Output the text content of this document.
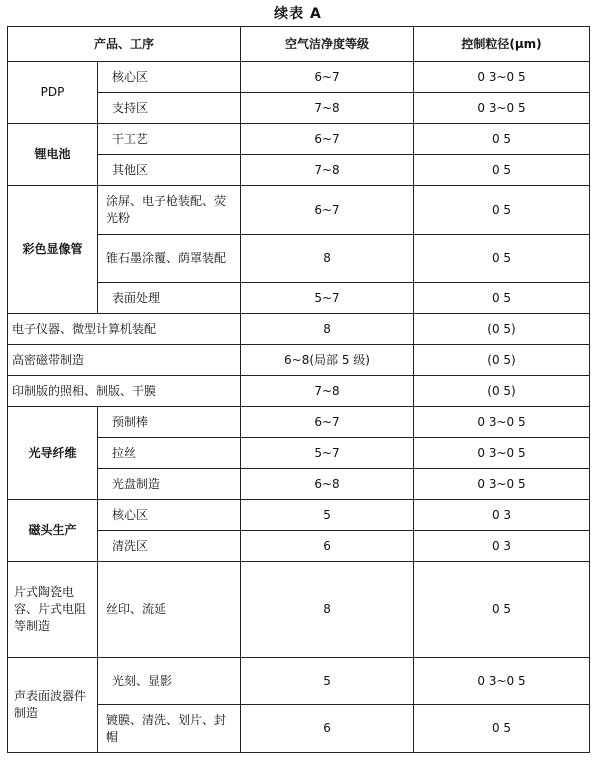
续表 A
产品、工序		空气洁净度等级	控制粒径(μm)
PDP	核心区	6~7	0 3~0 5
	支持区	7~8	0 3~0 5
锂电池	干工艺	6~7	0 5
	其他区	7~8	0 5
彩色显像管	涂屏、电子枪装配、荧光粉	6~7	0 5
	锥石墨涂覆、荫罩装配	8	0 5
	表面处理	5~7	0 5
电子仪器、微型计算机装配		8	(0 5)
高密磁带制造		6~8(局部 5 级)	(0 5)
印制版的照相、制版、干膜		7~8	(0 5)
光导纤维	预制棒	6~7	0 3~0 5
	拉丝	5~7	0 3~0 5
	光盘制造	6~8	0 3~0 5
磁头生产	核心区	5	0 3
	清洗区	6	0 3
片式陶瓷电容、片式电阻等制造	丝印、流延	8	0 5
声表面波器件制造	光刻、显影	5	0 3~0 5
	镀膜、清洗、划片、封帽	6	0 5
